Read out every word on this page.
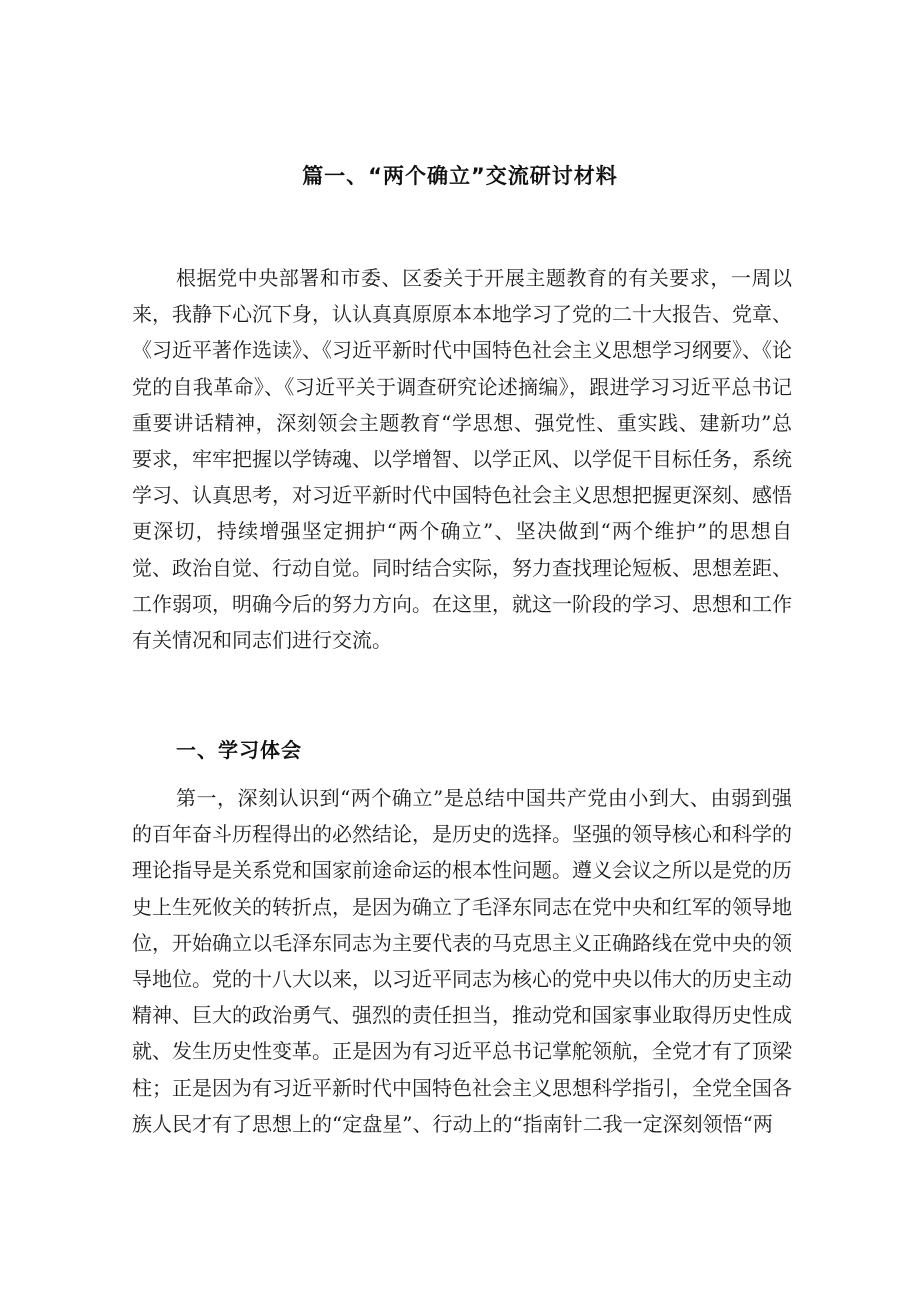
篇一、“两个确立”交流研讨材料

根据党中央部署和市委、区委关于开展主题教育的有关要求，一周以来，我静下心沉下身，认认真真原原本本地学习了党的二十大报告、党章、《习近平著作选读》、《习近平新时代中国特色社会主义思想学习纲要》、《论党的自我革命》、《习近平关于调查研究论述摘编》，跟进学习习近平总书记重要讲话精神，深刻领会主题教育“学思想、强党性、重实践、建新功”总要求，牢牢把握以学铸魂、以学增智、以学正风、以学促干目标任务，系统学习、认真思考，对习近平新时代中国特色社会主义思想把握更深刻、感悟更深切，持续增强坚定拥护“两个确立”、坚决做到“两个维护”的思想自觉、政治自觉、行动自觉。同时结合实际，努力查找理论短板、思想差距、工作弱项，明确今后的努力方向。在这里，就这一阶段的学习、思想和工作有关情况和同志们进行交流。

一、学习体会

第一，深刻认识到“两个确立”是总结中国共产党由小到大、由弱到强的百年奋斗历程得出的必然结论，是历史的选择。坚强的领导核心和科学的理论指导是关系党和国家前途命运的根本性问题。遵义会议之所以是党的历史上生死攸关的转折点，是因为确立了毛泽东同志在党中央和红军的领导地位，开始确立以毛泽东同志为主要代表的马克思主义正确路线在党中央的领导地位。党的十八大以来，以习近平同志为核心的党中央以伟大的历史主动精神、巨大的政治勇气、强烈的责任担当，推动党和国家事业取得历史性成就、发生历史性变革。正是因为有习近平总书记掌舵领航，全党才有了顶梁柱；正是因为有习近平新时代中国特色社会主义思想科学指引，全党全国各族人民才有了思想上的“定盘星”、行动上的“指南针二我一定深刻领悟“两
